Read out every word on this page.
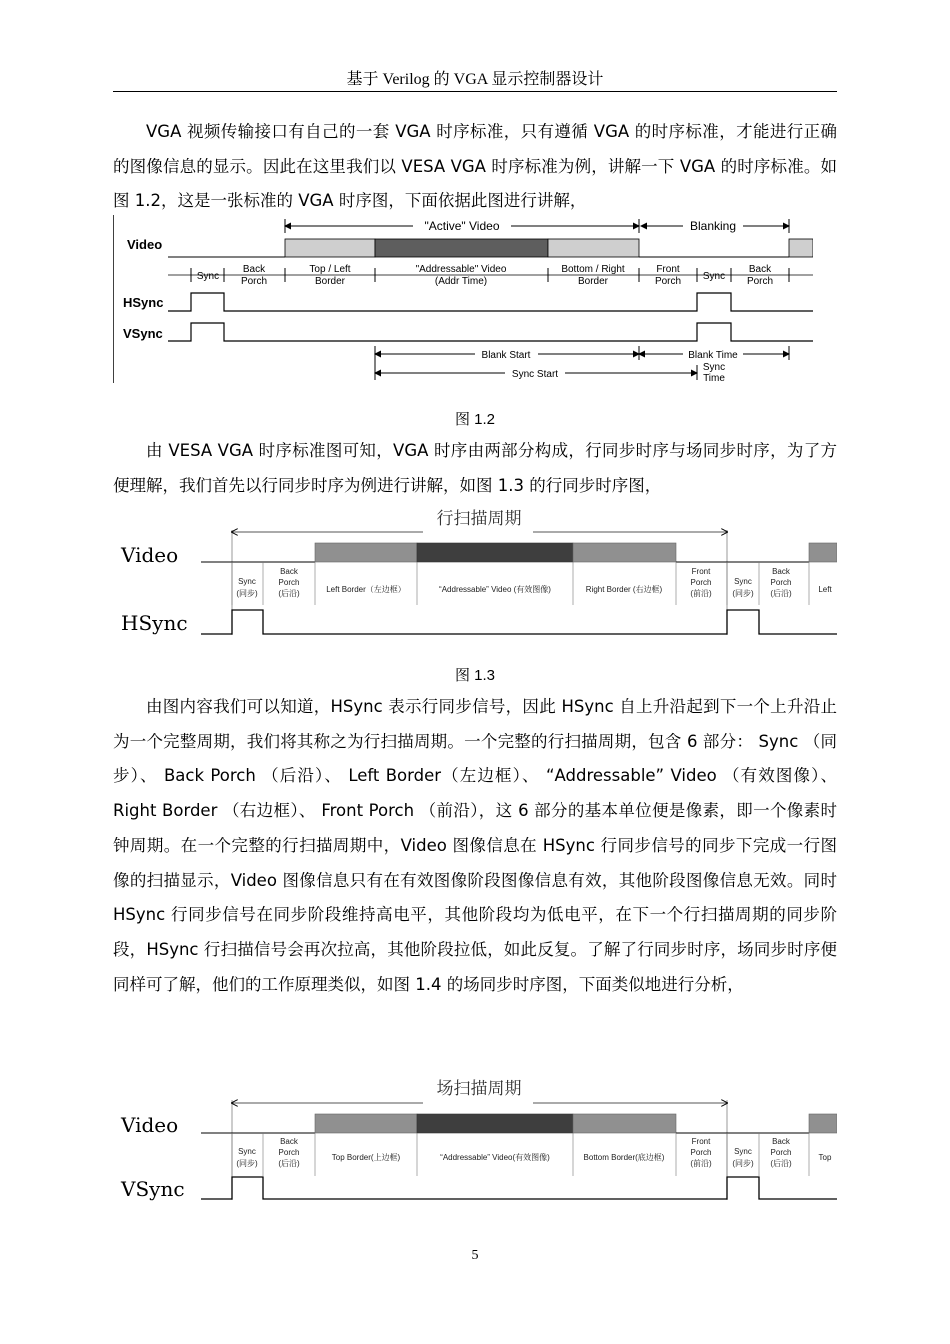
基于 Verilog 的 VGA 显示控制器设计

VGA 视频传输接口有自己的一套 VGA 时序标准，只有遵循 VGA 的时序标准，才能进行正确的图像信息的显示。因此在这里我们以 VESA VGA 时序标准为例，讲解一下 VGA 的时序标准。如图 1.2，这是一张标准的 VGA 时序图，下面依据此图进行讲解，

"Active" Video	Blanking
Video
Sync
Back
Porch
Top / Left
Border
"Addressable" Video
(Addr Time)
Bottom / Right
Border
Front
Porch Sync
Back
Porch
HSync
VSync
Blank Start	Blank Time
Sync Start
Sync
Time
图 1.2

由 VESA VGA 时序标准图可知，VGA 时序由两部分构成，行同步时序与场同步时序，为了方便理解，我们首先以行同步时序为例进行讲解，如图 1.3 的行同步时序图，

行扫描周期
Video
Sync
(同步)
Back
Porch
(后沿)	Left Border（左边框）	“Addressable” Video (有效图像)	Right Border (右边框)
Front
Porch
(前沿)
Sync
(同步)
Back
Porch
(后沿)	Left
HSync
图 1.3

由图内容我们可以知道，HSync 表示行同步信号，因此 HSync 自上升沿起到下一个上升沿止为一个完整周期，我们将其称之为行扫描周期。一个完整的行扫描周期，包含 6 部分： Sync （同步）、 Back Porch （后沿）、 Left Border（左边框）、 “Addressable” Video （有效图像）、 Right Border （右边框）、 Front Porch （前沿），这 6 部分的基本单位便是像素，即一个像素时钟周期。在一个完整的行扫描周期中，Video 图像信息在 HSync 行同步信号的同步下完成一行图像的扫描显示，Video 图像信息只有在有效图像阶段图像信息有效，其他阶段图像信息无效。同时 HSync 行同步信号在同步阶段维持高电平，其他阶段均为低电平，在下一个行扫描周期的同步阶段，HSync 行扫描信号会再次拉高，其他阶段拉低，如此反复。了解了行同步时序，场同步时序便同样可了解，他们的工作原理类似，如图 1.4 的场同步时序图，下面类似地进行分析，

场扫描周期
Video
Sync
(同步)
Back
Porch
(后沿)
Top Border(上边框)	“Addressable” Video(有效图像)	Bottom Border(底边框)
Front
Porch
(前沿)
Sync
(同步)
Back
Porch
(后沿)
Top
VSync
5
